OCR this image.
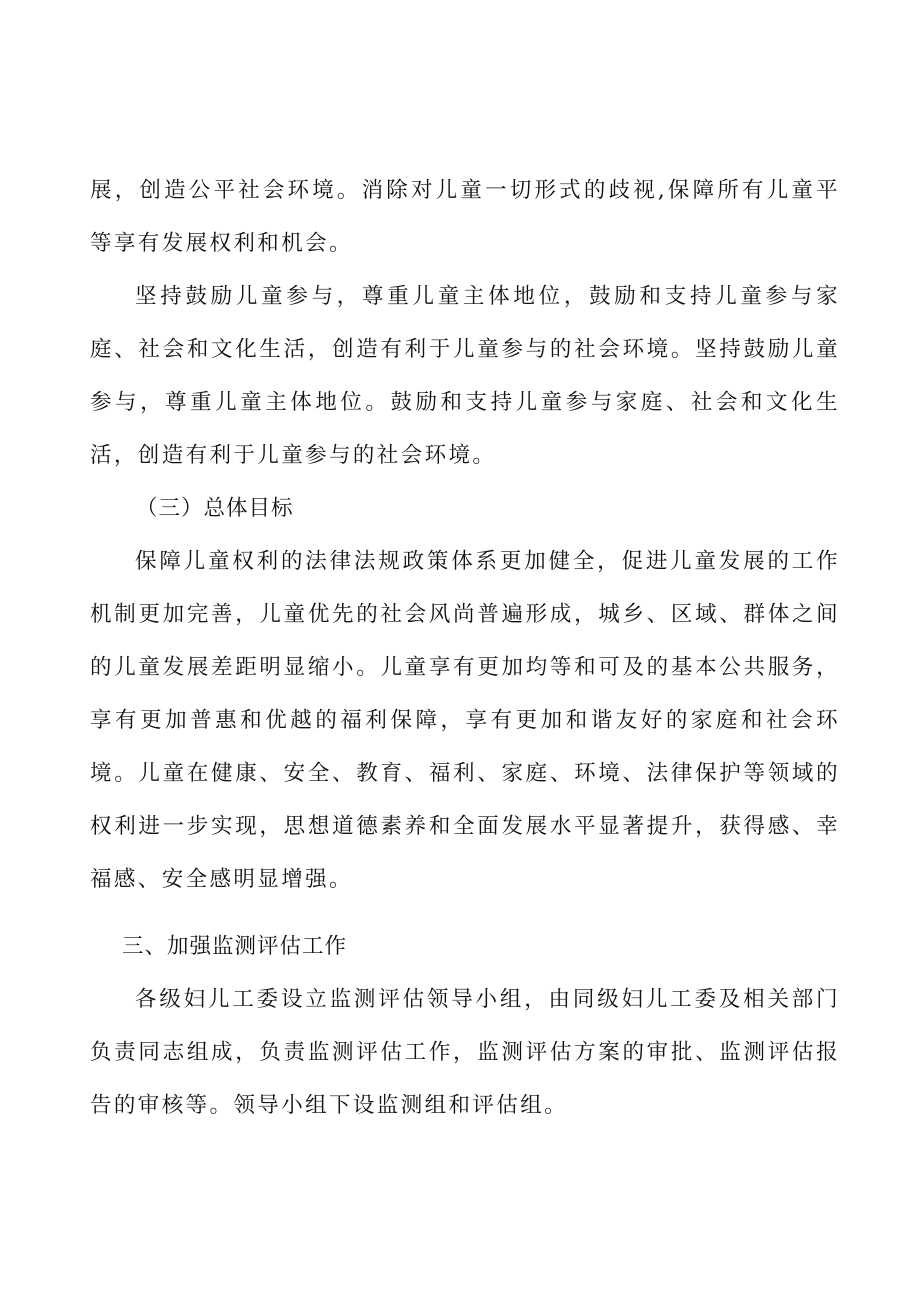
展，创造公平社会环境。消除对儿童一切形式的歧视,保障所有儿童平等享有发展权利和机会。

坚持鼓励儿童参与，尊重儿童主体地位，鼓励和支持儿童参与家庭、社会和文化生活，创造有利于儿童参与的社会环境。坚持鼓励儿童参与，尊重儿童主体地位。鼓励和支持儿童参与家庭、社会和文化生活，创造有利于儿童参与的社会环境。

（三）总体目标

保障儿童权利的法律法规政策体系更加健全，促进儿童发展的工作机制更加完善，儿童优先的社会风尚普遍形成，城乡、区域、群体之间的儿童发展差距明显缩小。儿童享有更加均等和可及的基本公共服务，享有更加普惠和优越的福利保障，享有更加和谐友好的家庭和社会环境。儿童在健康、安全、教育、福利、家庭、环境、法律保护等领域的权利进一步实现，思想道德素养和全面发展水平显著提升，获得感、幸福感、安全感明显增强。

三、加强监测评估工作

各级妇儿工委设立监测评估领导小组，由同级妇儿工委及相关部门负责同志组成，负责监测评估工作，监测评估方案的审批、监测评估报告的审核等。领导小组下设监测组和评估组。
